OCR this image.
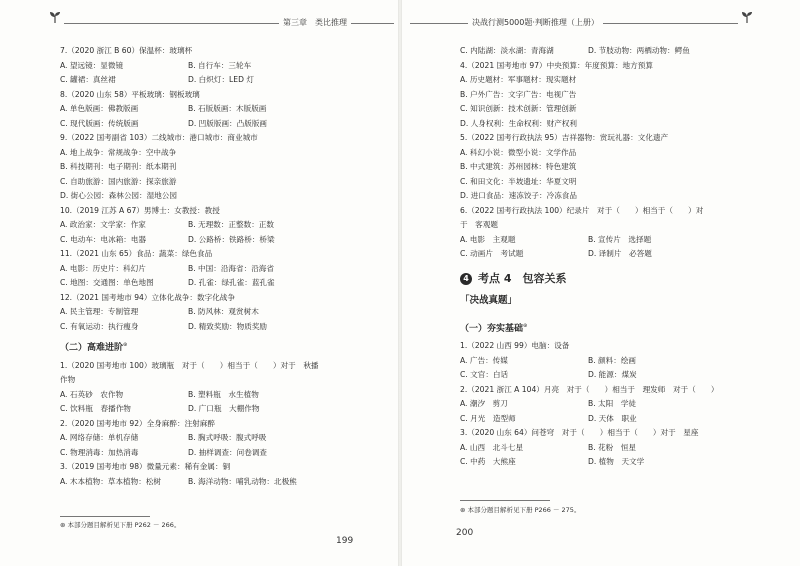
第三章　类比推理
7.（2020 浙江 B 60）保温杯：玻璃杯
A. 望远镜：显微镜	B. 自行车：三轮车
C. 罐裙：真丝裙	D. 白炽灯：LED 灯
8.（2020 山东 58）平板玻璃：钢板玻璃
A. 单色版画：佛教版画	B. 石版版画：木版版画
C. 现代版画：传统版画	D. 凹版版画：凸版版画
9.（2022 国考副省 103）二线城市：港口城市：商业城市
A. 地上战争：常规战争：空中战争
B. 科技期刊：电子期刊：纸本期刊
C. 自助旅游：国内旅游：探亲旅游
D. 街心公园：森林公园：湿地公园
10.（2019 江苏 A 67）男博士：女教授：教授
A. 政治家：文学家：作家	B. 无理数：正整数：正数
C. 电动车：电冰箱：电器	D. 公路桥：铁路桥：桥梁
11.（2021 山东 65）食品：蔬菜：绿色食品
A. 电影：历史片：科幻片	B. 中国：沿海省：沿海省
C. 地图：交通图：单色地图	D. 孔雀：绿孔雀：蓝孔雀
12.（2021 国考地市 94）立体化战争：数字化战争
A. 民主管理：专制管理	B. 防风林：观赏树木
C. 有氧运动：执行瘦身	D. 精致奖励：物质奖励
（二）高难进阶⊛
1.（2020 国考地市 100）玻璃瓶　对于（　　）相当于（　　）对于　秋播
作物
A. 石英砂　农作物	B. 塑料瓶　水生植物
C. 饮料瓶　春播作物	D. 广口瓶　大棚作物
2.（2020 国考地市 92）全身麻醉：注射麻醉
A. 网络存储：单机存储	B. 胸式呼吸：腹式呼吸
C. 物理消毒：加热消毒	D. 抽样调查：问卷调查
3.（2019 国考地市 98）微量元素：稀有金属：铜
A. 木本植物：草本植物：松树	B. 海洋动物：哺乳动物：北极熊
⊛ 本部分题目解析见下册 P262 － 266。
199
决战行测5000题·判断推理（上册）
C. 内陆湖：淡水湖：青海湖	D. 节肢动物：两栖动物：鳄鱼
4.（2021 国考地市 97）中央预算：年度预算：地方预算
A. 历史题材：军事题材：现实题材
B. 户外广告：文字广告：电视广告
C. 知识创新：技术创新：管理创新
D. 人身权利：生命权利：财产权利
5.（2022 国考行政执法 95）吉祥器物：赏玩礼器：文化遗产
A. 科幻小说：微型小说：文学作品
B. 中式建筑：苏州园林：特色建筑
C. 和田文化：半坡遗址：华夏文明
D. 进口食品：速冻饺子：冷冻食品
6.（2022 国考行政执法 100）纪录片　对于（　　）相当于（　　）对
于　客观题
A. 电影　主观题	B. 宣传片　选择题
C. 动画片　考试题	D. 译制片　必答题
4 考点 4　包容关系
「决战真题」
（一）夯实基础⊛
1.（2022 山西 99）电脑：设备
A. 广告：传媒	B. 颜料：绘画
C. 文官：白话	D. 能源：煤炭
2.（2021 浙江 A 104）月亮　对于（　　）相当于　理发师　对于（　　）
A. 潮汐　剪刀	B. 太阳　学徒
C. 月光　造型师	D. 天体　职业
3.（2020 山东 64）问苍穹　对于（　　）相当于（　　）对于　星座
A. 山西　北斗七星	B. 花粉　恒星
C. 中药　大熊座	D. 植物　天文学
⊛ 本部分题目解析见下册 P266 － 275。
200
